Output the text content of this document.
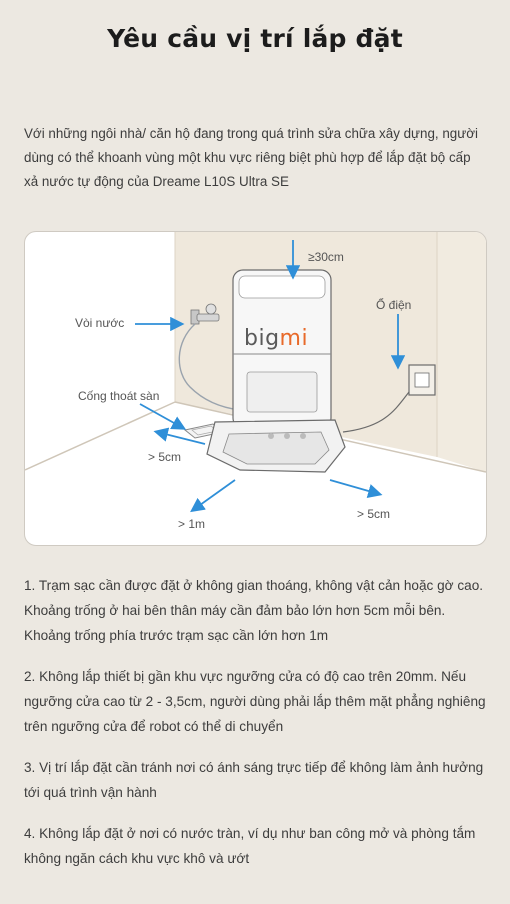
Yêu cầu vị trí lắp đặt
Với những ngôi nhà/ căn hộ đang trong quá trình sửa chữa xây dựng, người dùng có thể khoanh vùng một khu vực riêng biệt phù hợp để lắp đặt bộ cấp xả nước tự động của Dreame L10S Ultra SE
bigmi
≥30cm
Ổ điện
Vòi nước
Cống thoát sàn
> 5cm
> 1m
> 5cm
1. Trạm sạc cần được đặt ở không gian thoáng, không vật cản hoặc gờ cao. Khoảng trống ở hai bên thân máy cần đảm bảo lớn hơn 5cm mỗi bên. Khoảng trống phía trước trạm sạc cần lớn hơn 1m
2. Không lắp thiết bị gần khu vực ngưỡng cửa có độ cao trên 20mm. Nếu ngưỡng cửa cao từ 2 - 3,5cm, người dùng phải lắp thêm mặt phẳng nghiêng trên ngưỡng cửa để robot có thể di chuyển
3. Vị trí lắp đặt cần tránh nơi có ánh sáng trực tiếp để không làm ảnh hưởng tới quá trình vận hành
4. Không lắp đặt ở nơi có nước tràn, ví dụ như ban công mở và phòng tắm không ngăn cách khu vực khô và ướt
